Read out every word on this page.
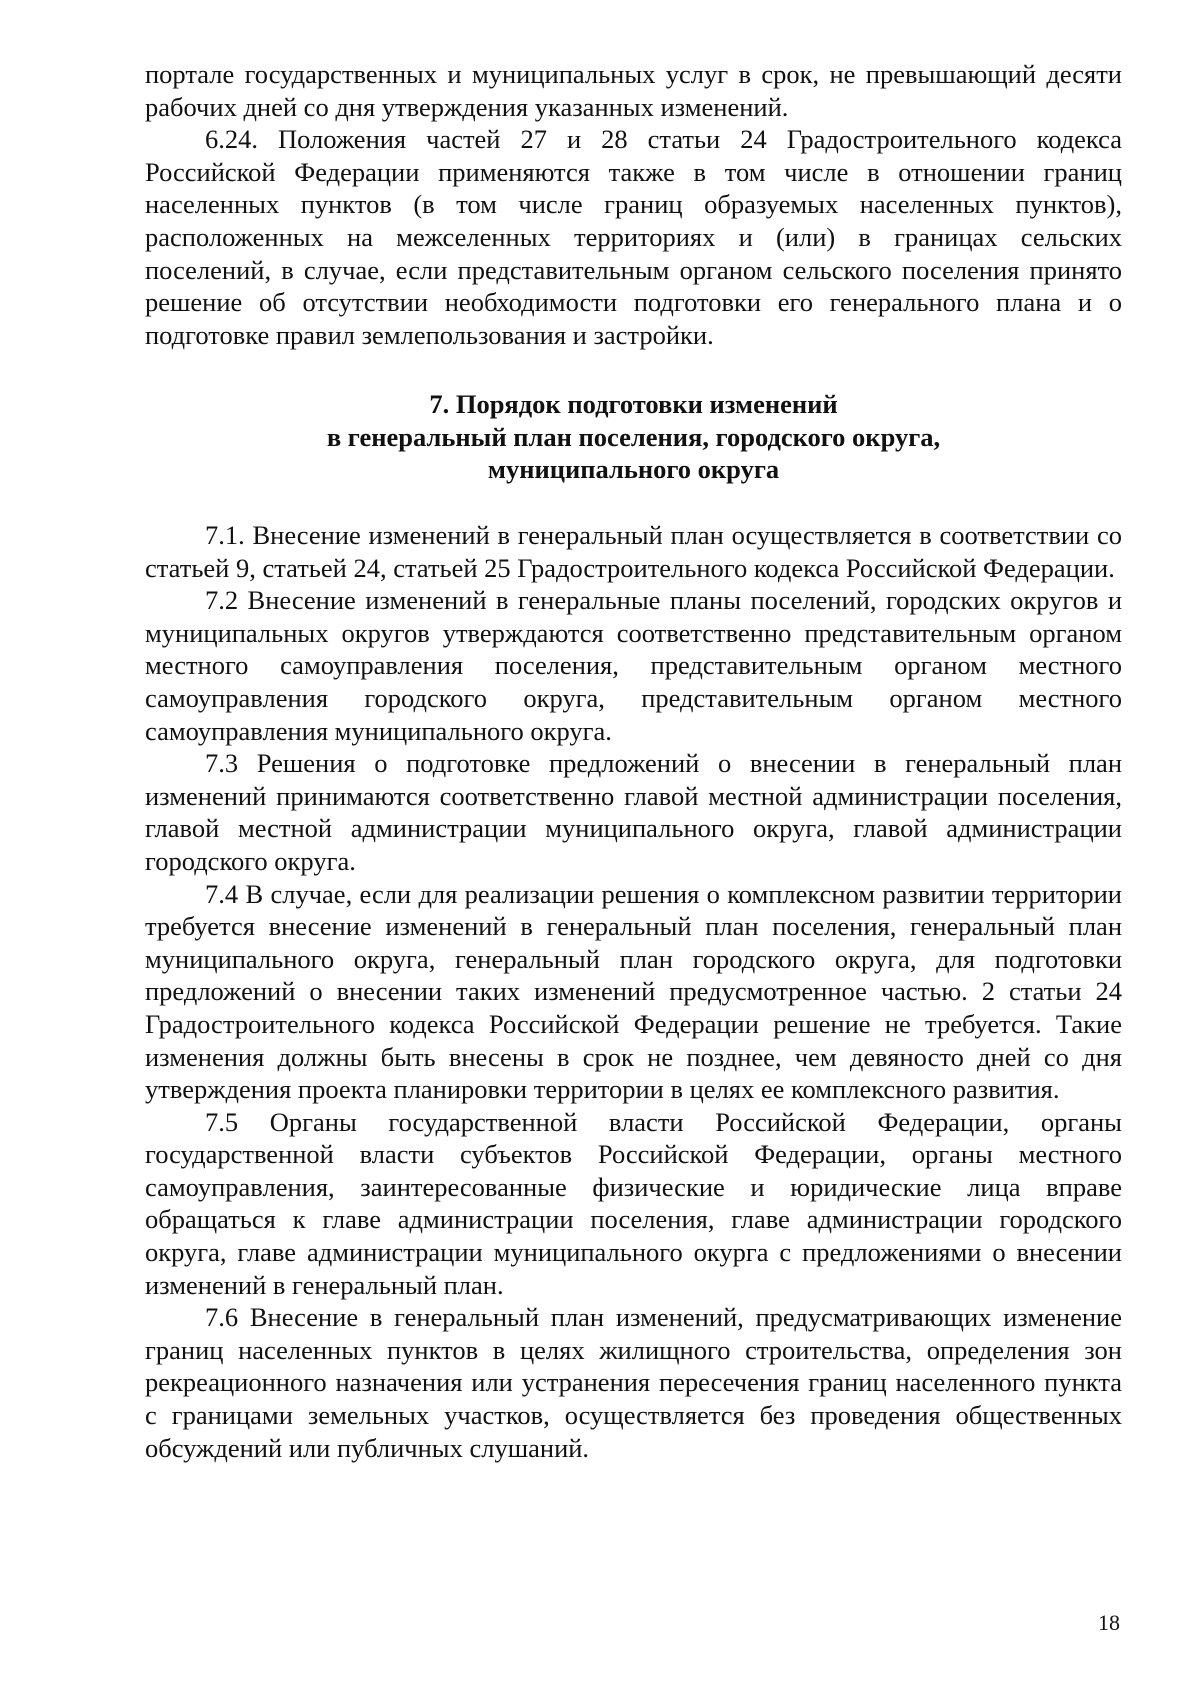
порталe государственных и муниципальных услуг в срок, не превышающий десяти рабочих дней со дня утверждения указанных изменений.

6.24. Положения частей 27 и 28 статьи 24 Градостроительного кодекса Российской Федерации применяются также в том числе в отношении границ населенных пунктов (в том числе границ образуемых населенных пунктов), расположенных на межселенных территориях и (или) в границах сельских поселений, в случае, если представительным органом сельского поселения принято решение об отсутствии необходимости подготовки его генерального плана и о подготовке правил землепользования и застройки.

7. Порядок подготовки изменений
в генеральный план поселения, городского округа,
муниципального округа

7.1. Внесение изменений в генеральный план осуществляется в соответствии со статьей 9, статьей 24, статьей 25 Градостроительного кодекса Российской Федерации.

7.2 Внесение изменений в генеральные планы поселений, городских округов и муниципальных округов утверждаются соответственно представительным органом местного самоуправления поселения, представительным органом местного самоуправления городского округа, представительным органом местного самоуправления муниципального округа.

7.3 Решения о подготовке предложений о внесении в генеральный план изменений принимаются соответственно главой местной администрации поселения, главой местной администрации муниципального округа, главой администрации городского округа.

7.4 В случае, если для реализации решения о комплексном развитии территории требуется внесение изменений в генеральный план поселения, генеральный план муниципального округа, генеральный план городского округа, для подготовки предложений о внесении таких изменений предусмотренное частью. 2 статьи 24 Градостроительного кодекса Российской Федерации решение не требуется. Такие изменения должны быть внесены в срок не позднее, чем девяносто дней со дня утверждения проекта планировки территории в целях ее комплексного развития.

7.5 Органы государственной власти Российской Федерации, органы государственной власти субъектов Российской Федерации, органы местного самоуправления, заинтересованные физические и юридические лица вправе обращаться к главе администрации поселения, главе администрации городского округа, главе администрации муниципального окурга с предложениями о внесении изменений в генеральный план.

7.6 Внесение в генеральный план изменений, предусматривающих изменение границ населенных пунктов в целях жилищного строительства, определения зон рекреационного назначения или устранения пересечения границ населенного пункта с границами земельных участков, осуществляется без проведения общественных обсуждений или публичных слушаний.

18
